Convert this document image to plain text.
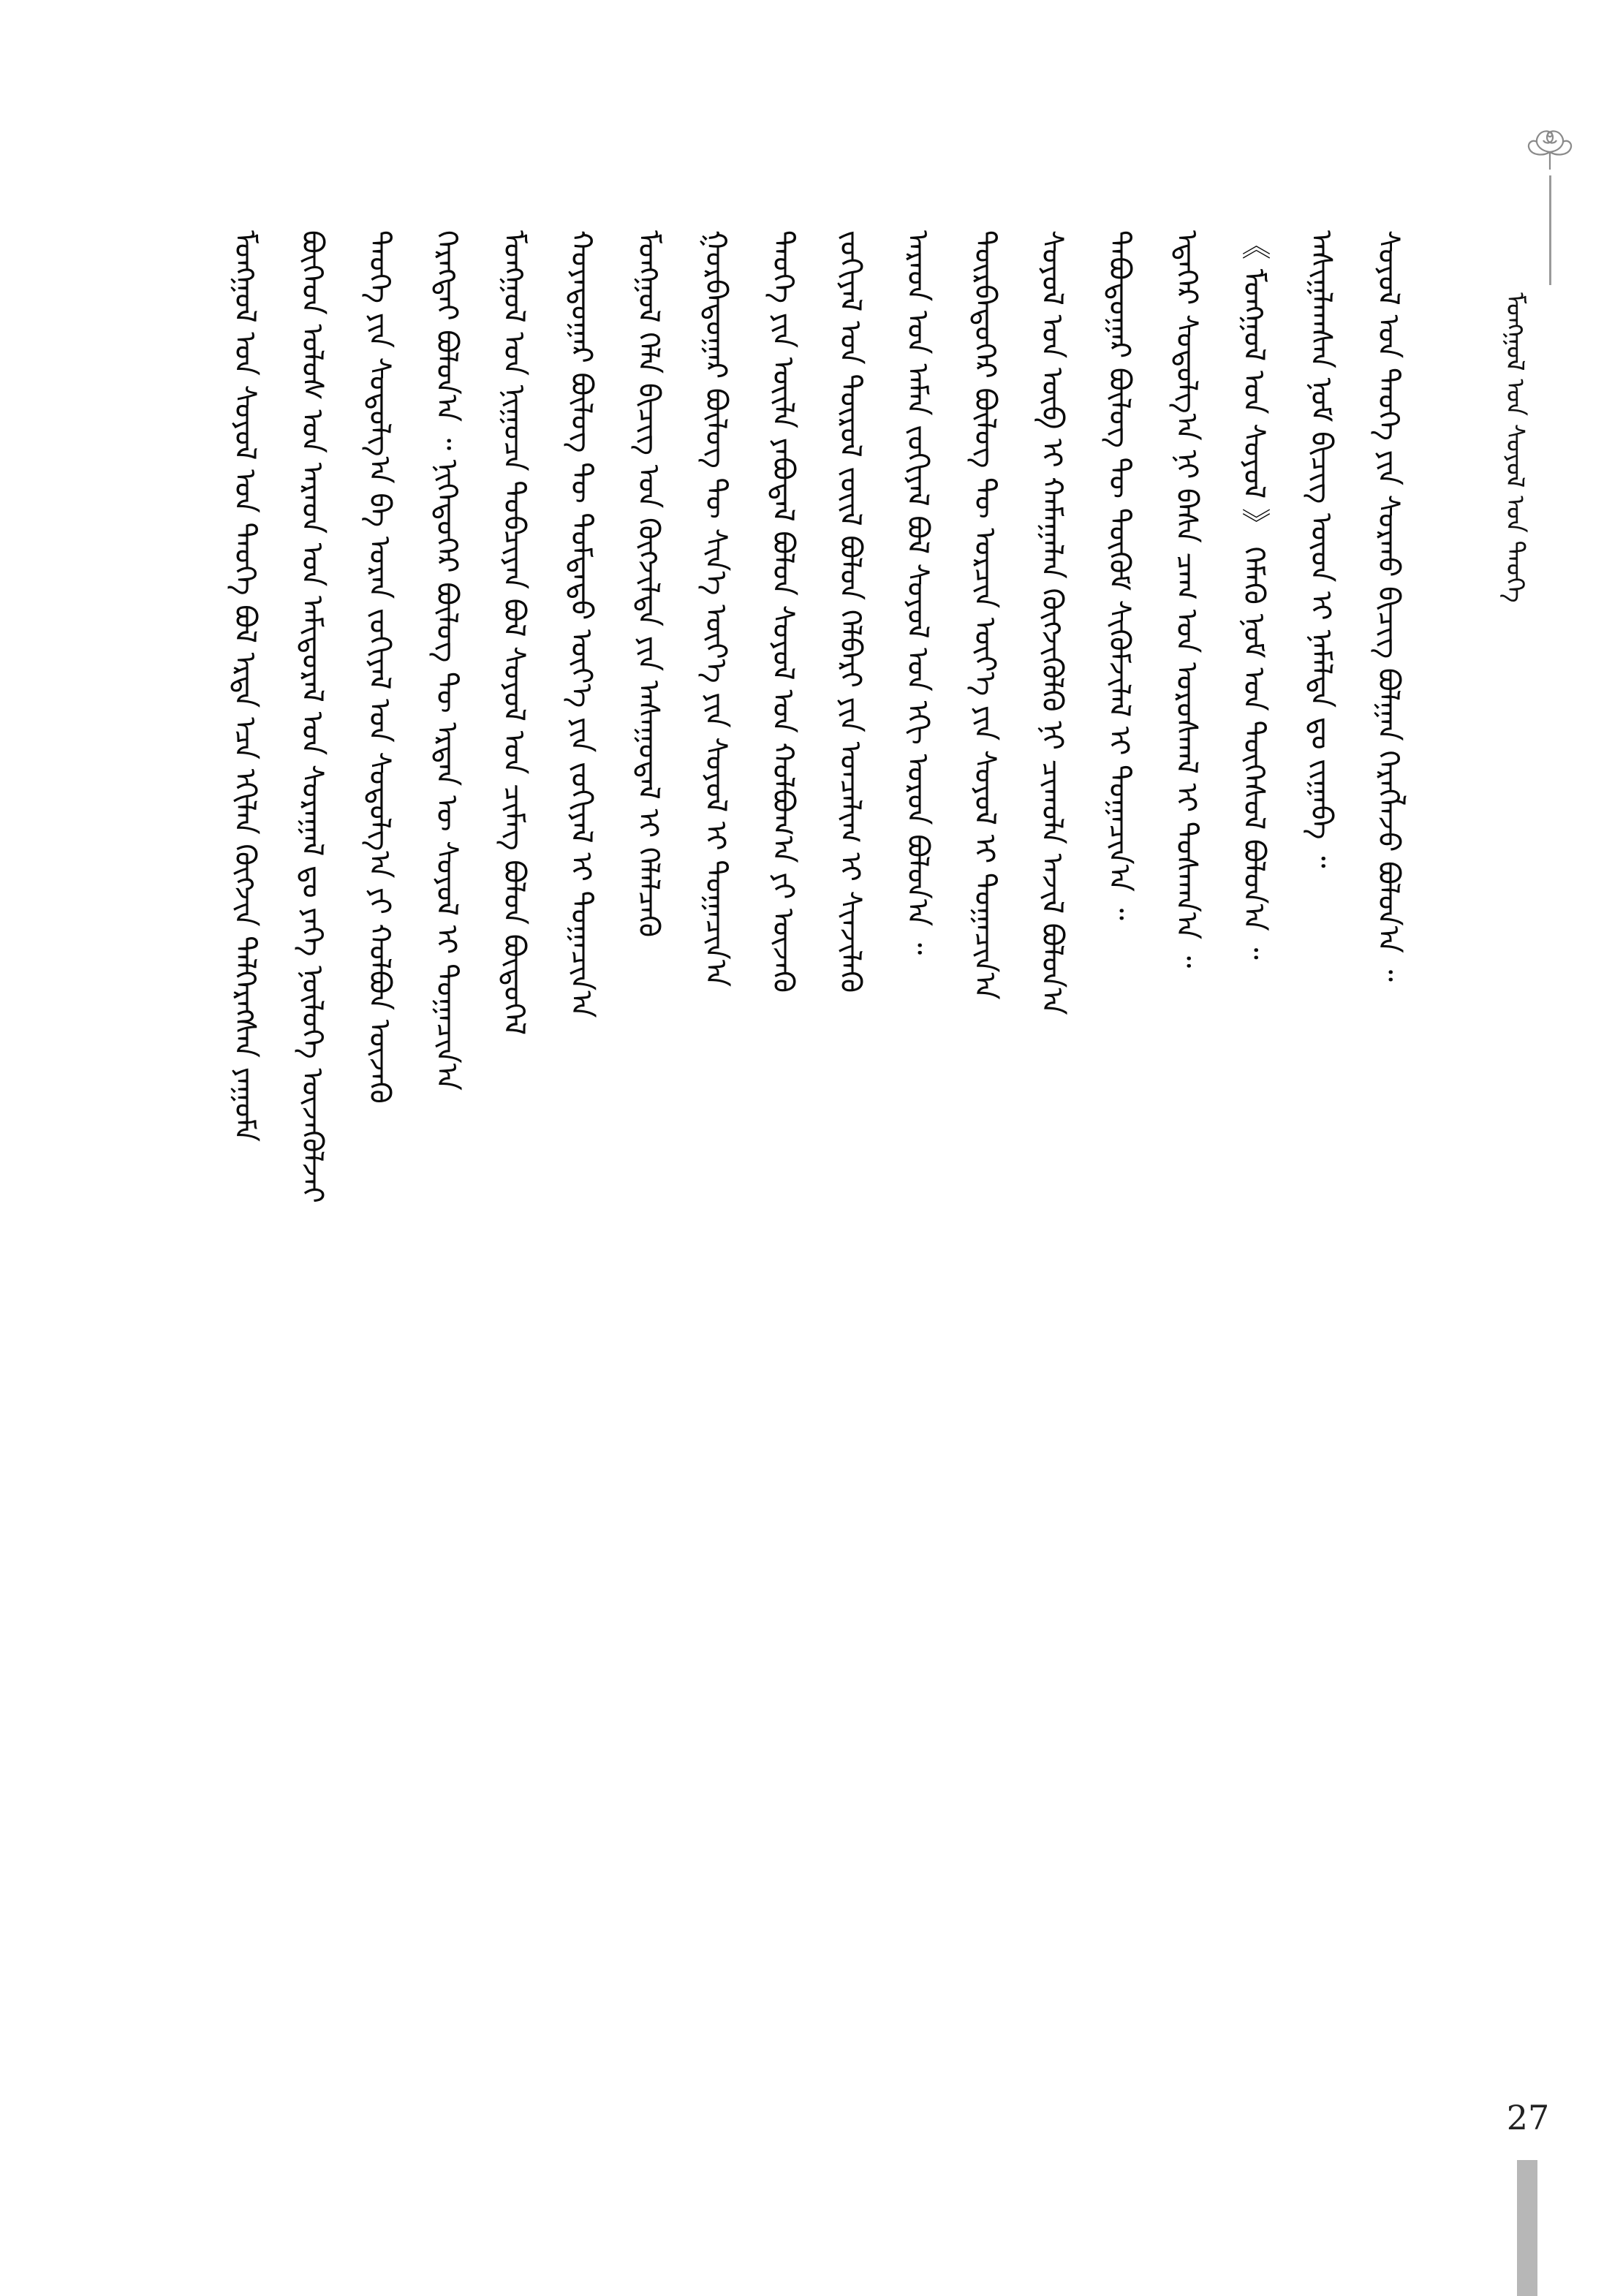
ᠮᠣᠩᠭᠣᠯ ᠤᠨ ᠰᠣᠶᠣᠯ ᠤᠨ ᠲᠡᠦᠬᠡ
ᠮᠣᠩᠭᠣᠯ ᠤᠨ ᠰᠣᠶᠣᠯ ᠤᠨ ᠲᠡᠦᠬᠡ ᠪᠣᠯ ᠡᠷᠲᠡ ᠡᠴᠡ ᠡᠬᠢᠯᠡᠨ ᠬᠥᠭᠵᠢᠨ ᠳᠡᠯᠭᠡᠷᠡᠭᠰᠡᠨ ᠶᠠᠭᠤᠮᠠ	ᠪᠥᠭᠡᠳ ᠤᠯᠤᠰ ᠤᠨ ᠠᠷᠠᠳ ᠤᠨ ᠠᠮᠢᠳᠤᠷᠠᠯ ᠤᠨ ᠰᠤᠷᠠᠭᠠᠯ ᠳᠤ ᠶᠡᠬᠡ ᠨᠥᠯᠦᠭᠡ ᠦᠵᠡᠭᠦᠯᠵᠡᠢ	ᠲᠡᠦᠬᠡ ᠶᠢᠨ ᠰᠤᠳᠤᠯᠭ᠎ᠠ ᠪᠠ ᠤᠷᠠᠨ ᠵᠣᠬᠢᠶᠠᠯ ᠤᠨ ᠰᠤᠳᠤᠯᠭ᠎ᠠ ᠶᠢ ᠬᠣᠯᠪᠣᠨ ᠦᠵᠡᠬᠦ	ᠬᠡᠷᠡᠭᠲᠡᠢ ᠪᠣᠯᠤᠨ᠎ᠠ ᠃ ᠨᠢᠭᠡᠳᠦᠭᠡᠷ ᠪᠦᠯᠦᠭ ᠲᠦ ᠡᠷᠲᠡᠨ ᠦ ᠰᠣᠶᠣᠯ ᠢ ᠲᠣᠭᠠᠴᠢᠨ᠎ᠠ	ᠮᠣᠩᠭᠣᠯ ᠤᠨ ᠨᠢᠭᠤᠴᠠ ᠲᠣᠪᠴᠢᠶᠠᠨ ᠪᠣᠯ ᠰᠣᠶᠣᠯ ᠤᠨ ᠴᠢᠮᠡᠭ ᠪᠣᠯᠤᠨ ᠪᠦᠲᠦᠭᠡᠯ	ᠬᠣᠶᠠᠳᠤᠭᠠᠷ ᠪᠦᠯᠦᠭ ᠲᠦ ᠳᠤᠮᠳᠠᠳᠤ ᠦᠶ᠎ᠡ ᠶᠢᠨ ᠵᠣᠬᠢᠶᠠᠯ ᠢ ᠲᠣᠭᠠᠴᠢᠨ᠎ᠠ	ᠮᠣᠩᠭᠣᠯ ᠬᠡᠯᠡ ᠪᠢᠴᠢᠭ ᠤᠨ ᠬᠥᠭᠵᠢᠯᠲᠡ ᠶᠢᠨ ᠠᠰᠠᠭᠤᠳᠠᠯ ᠢ ᠬᠡᠯᠡᠯᠴᠡᠬᠦ	ᠭᠤᠷᠪᠠᠳᠤᠭᠠᠷ ᠪᠦᠯᠦᠭ ᠲᠦ ᠰᠢᠨ᠎ᠡ ᠦᠶ᠎ᠡ ᠶᠢᠨ ᠰᠣᠶᠣᠯ ᠢ ᠲᠣᠭᠠᠴᠢᠨ᠎ᠠ	ᠲᠡᠦᠬᠡ ᠶᠢᠨ ᠦᠢᠯᠡ ᠶᠠᠪᠤᠳᠠᠯ ᠪᠣᠯᠤᠨ ᠰᠣᠶᠣᠯ ᠤᠨ ᠬᠣᠯᠪᠣᠭ᠎ᠠ ᠶᠢ ᠦᠵᠡᠬᠦ	ᠵᠣᠬᠢᠶᠠᠯ ᠤᠨ ᠲᠥᠷᠥᠯ ᠵᠦᠢᠯ ᠪᠣᠯᠤᠨ ᠬᠡᠯᠪᠡᠷᠢ ᠶᠢᠨ ᠣᠨᠴᠠᠯᠢᠭ ᠢ ᠰᠢᠨᠵᠢᠯᠡᠬᠦ	ᠠᠷᠠᠳ ᠤᠨ ᠠᠮᠠᠨ ᠵᠣᠬᠢᠶᠠᠯ ᠪᠣᠯ ᠰᠣᠶᠣᠯ ᠤᠨ ᠡᠬᠢ ᠣᠷᠣᠨ ᠪᠣᠯᠤᠨ᠎ᠠ ᠃	ᠳᠥᠷᠪᠡᠳᠦᠭᠡᠷ ᠪᠦᠯᠦᠭ ᠲᠦ ᠣᠷᠴᠢᠨ ᠦᠶ᠎ᠡ ᠶᠢᠨ ᠰᠣᠶᠣᠯ ᠢ ᠲᠣᠭᠠᠴᠢᠨ᠎ᠠ	ᠰᠣᠶᠣᠯ ᠤᠨ ᠥᠪ ᠢ ᠬᠠᠮᠠᠭᠠᠯᠠᠨ ᠬᠥᠭᠵᠢᠭᠦᠯᠬᠦ ᠨᠢ ᠴᠢᠬᠤᠯᠠ ᠠᠵᠢᠯ ᠪᠣᠯᠤᠨ᠎ᠠ	ᠲᠠᠪᠤᠳᠤᠭᠠᠷ ᠪᠦᠯᠦᠭ ᠲᠦ ᠳᠦᠭᠦᠮ ᠰᠢᠭᠦᠮᠵᠢᠯᠡᠯ ᠢ ᠲᠣᠭᠠᠴᠢᠨ᠎ᠠ ᠃	ᠡᠳᠡᠭᠡᠷ ᠰᠤᠳᠤᠯᠭ᠎ᠠ ᠨᠢ ᠪᠠᠰᠠ ᠴᠠᠭ ᠤᠨ ᠤᠷᠤᠰᠬᠠᠯ ᠢ ᠲᠤᠰᠬᠠᠨ᠎ᠠ ᠃	《 ᠮᠣᠩᠭᠣᠯ ᠤᠨ ᠰᠣᠶᠣᠯ 》 ᠬᠡᠮᠡᠬᠦ ᠨᠣᠮ ᠤᠨ ᠲᠥᠭᠡᠰᠦᠯ ᠪᠣᠯᠤᠨ᠎ᠠ ᠃	ᠠᠰᠢᠭ᠋ᠯᠠᠭᠰᠠᠨ ᠨᠣᠮ ᠪᠢᠴᠢᠭ ᠦᠳ ᠢ ᠨᠡᠮᠡᠯᠲᠡ ᠳᠤ ᠵᠢᠭᠠᠪᠠ ᠃	ᠰᠣᠶᠣᠯ ᠤᠨ ᠲᠡᠦᠬᠡ ᠶᠢᠨ ᠰᠤᠷᠬᠤ ᠪᠢᠴᠢᠭ ᠪᠣᠯᠭᠠᠨ ᠬᠡᠷᠡᠭᠯᠡᠵᠦ ᠪᠣᠯᠤᠨ᠎ᠠ ᠃
27
